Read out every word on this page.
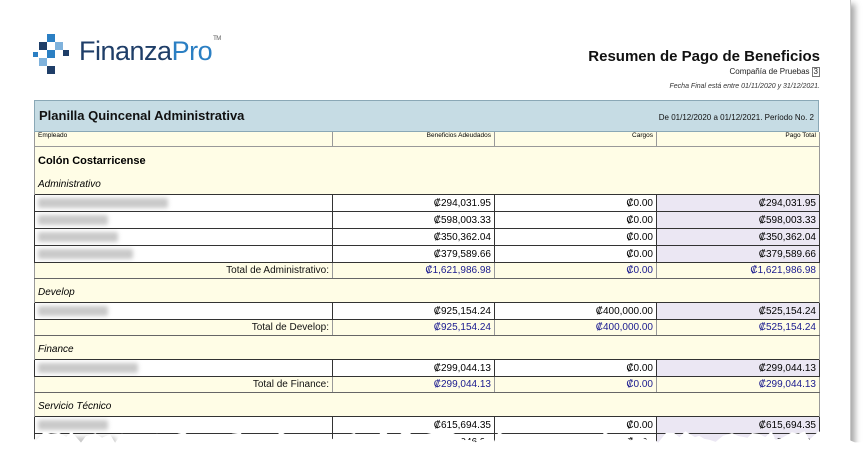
FinanzaPro™
Resumen de Pago de Beneficios
Compañía de Pruebas 3
Fecha Final está entre 01/11/2020 y 31/12/2021.
Planilla Quincenal Administrativa	De 01/12/2020 a 01/12/2021. Período No. 2
Empleado	Beneficios Adeudados	Cargos	Pago Total
Colón Costarricense			
Administrativo			
	₡294,031.95	₡0.00	₡294,031.95
	₡598,003.33	₡0.00	₡598,003.33
	₡350,362.04	₡0.00	₡350,362.04
	₡379,589.66	₡0.00	₡379,589.66
Total de Administrativo:	₡1,621,986.98	₡0.00	₡1,621,986.98

Develop			
	₡925,154.24	₡400,000.00	₡525,154.24
Total de Develop:	₡925,154.24	₡400,000.00	₡525,154.24

Finance			
	₡299,044.13	₡0.00	₡299,044.13
Total de Finance:	₡299,044.13	₡0.00	₡299,044.13

Servicio Técnico			
	₡615,694.35	₡0.00	₡615,694.35
